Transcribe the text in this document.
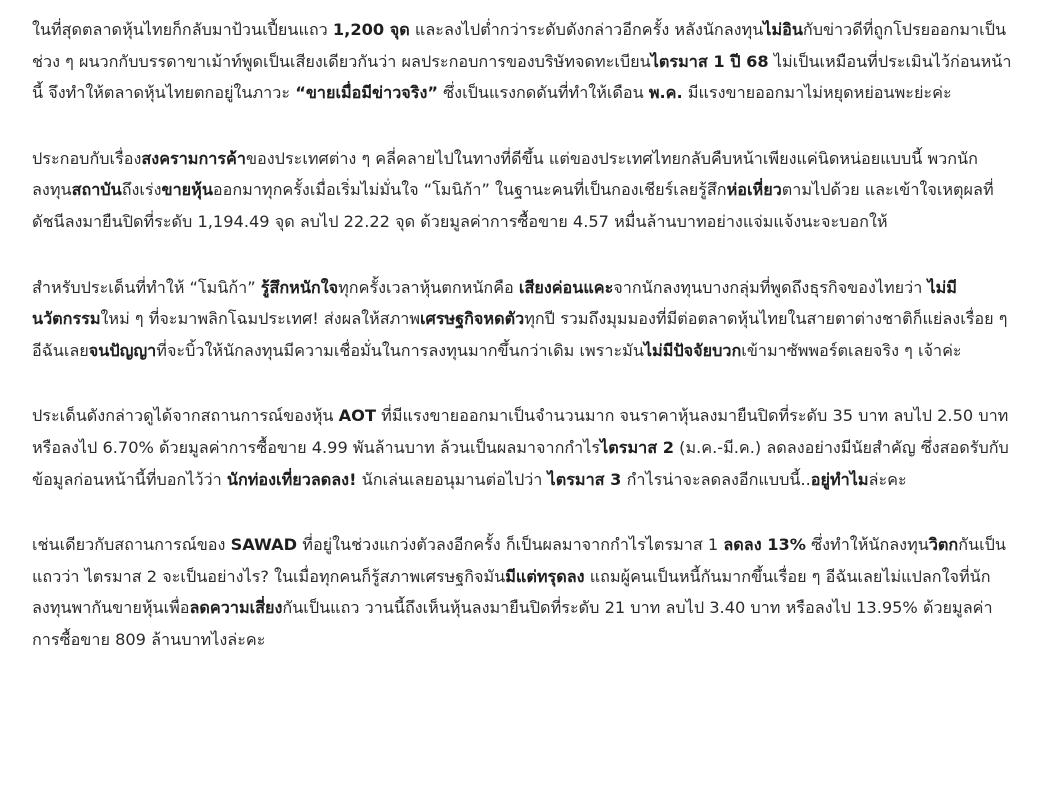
ในที่สุดตลาดหุ้นไทยก็กลับมาป้วนเปี้ยนแถว 1,200 จุด และลงไปต่ำกว่าระดับดังกล่าวอีกครั้ง หลังนักลงทุนไม่อินกับข่าวดีที่ถูกโปรยออกมาเป็นช่วง ๆ ผนวกกับบรรดาขาเม้าท์พูดเป็นเสียงเดียวกันว่า ผลประกอบการของบริษัทจดทะเบียนไตรมาส 1 ปี 68 ไม่เป็นเหมือนที่ประเมินไว้ก่อนหน้านี้ จึงทำให้ตลาดหุ้นไทยตกอยู่ในภาวะ “ขายเมื่อมีข่าวจริง” ซึ่งเป็นแรงกดดันที่ทำให้เดือน พ.ค. มีแรงขายออกมาไม่หยุดหย่อนพะย่ะค่ะ

ประกอบกับเรื่องสงครามการค้าของประเทศต่าง ๆ คลี่คลายไปในทางที่ดีขึ้น แต่ของประเทศไทยกลับคืบหน้าเพียงแค่นิดหน่อยแบบนี้ พวกนักลงทุนสถาบันถึงเร่งขายหุ้นออกมาทุกครั้งเมื่อเริ่มไม่มั่นใจ “โมนิก้า” ในฐานะคนที่เป็นกองเชียร์เลยรู้สึกห่อเหี่ยวตามไปด้วย และเข้าใจเหตุผลที่ดัชนีลงมายืนปิดที่ระดับ 1,194.49 จุด ลบไป 22.22 จุด ด้วยมูลค่าการซื้อขาย 4.57 หมื่นล้านบาทอย่างแจ่มแจ้งนะจะบอกให้

สำหรับประเด็นที่ทำให้ “โมนิก้า” รู้สึกหนักใจทุกครั้งเวลาหุ้นตกหนักคือ เสียงค่อนแคะจากนักลงทุนบางกลุ่มที่พูดถึงธุรกิจของไทยว่า ไม่มีนวัตกรรมใหม่ ๆ ที่จะมาพลิกโฉมประเทศ! ส่งผลให้สภาพเศรษฐกิจหดตัวทุกปี รวมถึงมุมมองที่มีต่อตลาดหุ้นไทยในสายตาต่างชาติก็แย่ลงเรื่อย ๆ อีฉันเลยจนปัญญาที่จะบิ้วให้นักลงทุนมีความเชื่อมั่นในการลงทุนมากขึ้นกว่าเดิม เพราะมันไม่มีปัจจัยบวกเข้ามาซัพพอร์ตเลยจริง ๆ เจ้าค่ะ

ประเด็นดังกล่าวดูได้จากสถานการณ์ของหุ้น AOT ที่มีแรงขายออกมาเป็นจำนวนมาก จนราคาหุ้นลงมายืนปิดที่ระดับ 35 บาท ลบไป 2.50 บาท หรือลงไป 6.70% ด้วยมูลค่าการซื้อขาย 4.99 พันล้านบาท ล้วนเป็นผลมาจากกำไรไตรมาส 2 (ม.ค.-มี.ค.) ลดลงอย่างมีนัยสำคัญ ซึ่งสอดรับกับข้อมูลก่อนหน้านี้ที่บอกไว้ว่า นักท่องเที่ยวลดลง! นักเล่นเลยอนุมานต่อไปว่า ไตรมาส 3 กำไรน่าจะลดลงอีกแบบนี้..อยู่ทำไมล่ะคะ

เช่นเดียวกับสถานการณ์ของ SAWAD ที่อยู่ในช่วงแกว่งตัวลงอีกครั้ง ก็เป็นผลมาจากกำไรไตรมาส 1 ลดลง 13% ซึ่งทำให้นักลงทุนวิตกกันเป็นแถวว่า ไตรมาส 2 จะเป็นอย่างไร? ในเมื่อทุกคนก็รู้สภาพเศรษฐกิจมันมีแต่ทรุดลง แถมผู้คนเป็นหนี้กันมากขึ้นเรื่อย ๆ อีฉันเลยไม่แปลกใจที่นักลงทุนพากันขายหุ้นเพื่อลดความเสี่ยงกันเป็นแถว วานนี้ถึงเห็นหุ้นลงมายืนปิดที่ระดับ 21 บาท ลบไป 3.40 บาท หรือลงไป 13.95% ด้วยมูลค่าการซื้อขาย 809 ล้านบาทไงล่ะคะ
